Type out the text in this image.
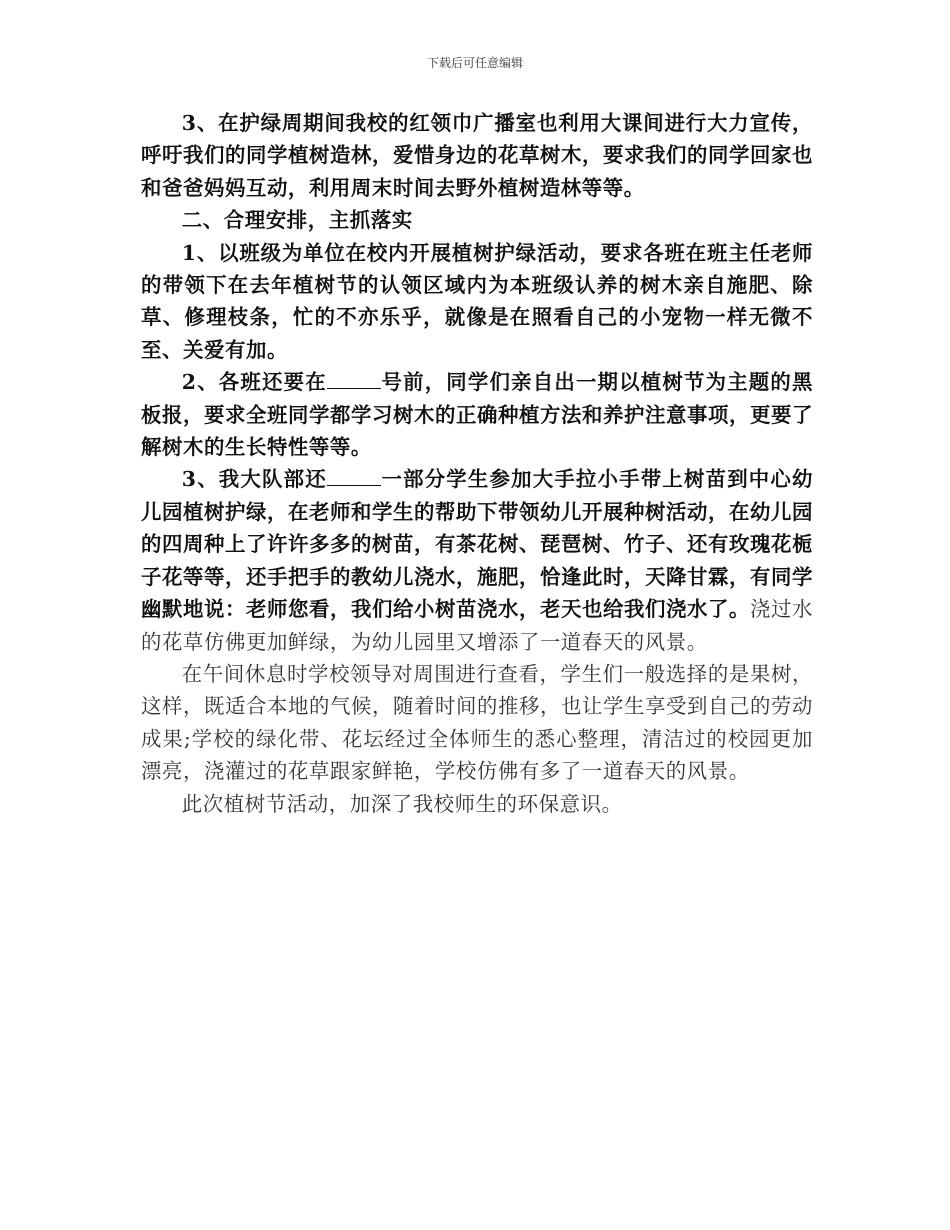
下载后可任意编辑

3、在护绿周期间我校的红领巾广播室也利用大课间进行大力宣传，呼吁我们的同学植树造林，爱惜身边的花草树木，要求我们的同学回家也和爸爸妈妈互动，利用周末时间去野外植树造林等等。

二、合理安排，主抓落实

1、以班级为单位在校内开展植树护绿活动，要求各班在班主任老师的带领下在去年植树节的认领区域内为本班级认养的树木亲自施肥、除草、修理枝条，忙的不亦乐乎，就像是在照看自己的小宠物一样无微不至、关爱有加。

2、各班还要在	号前，同学们亲自出一期以植树节为主题的黑板报，要求全班同学都学习树木的正确种植方法和养护注意事项，更要了解树木的生长特性等等。

3、我大队部还	一部分学生参加大手拉小手带上树苗到中心幼儿园植树护绿，在老师和学生的帮助下带领幼儿开展种树活动，在幼儿园的四周种上了许许多多的树苗，有茶花树、琵琶树、竹子、还有玫瑰花栀子花等等，还手把手的教幼儿浇水，施肥，恰逢此时，天降甘霖，有同学幽默地说：老师您看，我们给小树苗浇水，老天也给我们浇水了。浇过水的花草仿佛更加鲜绿，为幼儿园里又增添了一道春天的风景。

在午间休息时学校领导对周围进行查看，学生们一般选择的是果树，这样，既适合本地的气候，随着时间的推移，也让学生享受到自己的劳动成果;学校的绿化带、花坛经过全体师生的悉心整理，清洁过的校园更加漂亮，浇灌过的花草跟家鲜艳，学校仿佛有多了一道春天的风景。

此次植树节活动，加深了我校师生的环保意识。
